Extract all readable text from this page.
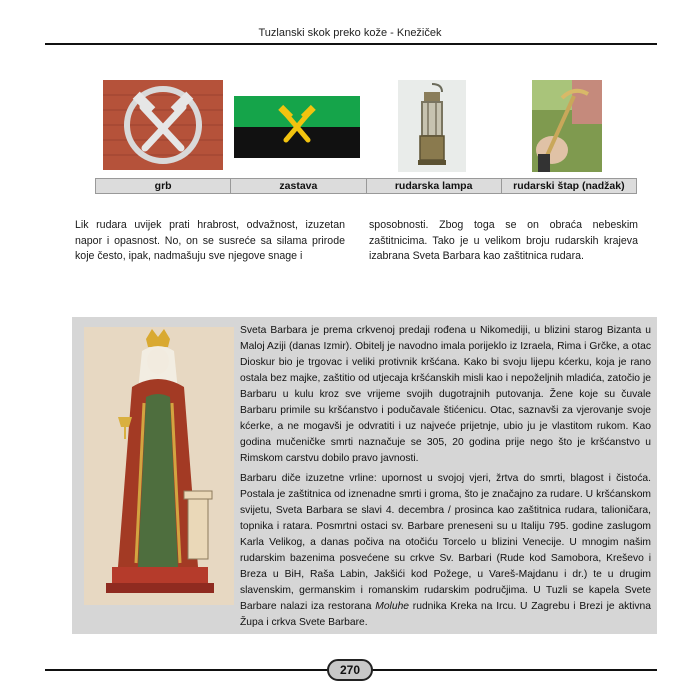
Tuzlanski skok preko kože - Knežiček
grb	zastava	rudarska lampa	rudarski štap (nadžak)
Lik rudara uvijek prati hrabrost, odvažnost, izuzetan napor i opasnost. No, on se susreće sa silama prirode koje često, ipak, nadmašuju sve njegove snage i
sposobnosti. Zbog toga se on obraća nebeskim zaštitnicima. Tako je u velikom broju rudarskih krajeva izabrana Sveta Barbara kao zaštitnica rudara.
Sveta Barbara je prema crkvenoj predaji rođena u Nikomediji, u blizini starog Bizanta u Maloj Aziji (danas Izmir). Obitelj je navodno imala porijeklo iz Izraela, Rima i Grčke, a otac Dioskur bio je trgovac i veliki protivnik kršćana. Kako bi svoju lijepu kćerku, koja je rano ostala bez majke, zaštitio od utjecaja kršćanskih misli kao i nepoželjnih mladića, zatočio je Barbaru u kulu kroz sve vrijeme svojih dugotrajnih putovanja. Žene koje su čuvale Barbaru primile su kršćanstvo i podučavale štićenicu. Otac, saznavši za vjerovanje svoje kćerke, a ne mogavši je odvratiti i uz najveće prijetnje, ubio ju je vlastitom rukom. Kao godina mučeničke smrti naznačuje se 305, 20 godina prije nego što je kršćanstvo u Rimskom carstvu dobilo pravo javnosti.
Barbaru diče izuzetne vrline: upornost u svojoj vjeri, žrtva do smrti, blagost i čistoća. Postala je zaštitnica od iznenadne smrti i groma, što je značajno za rudare. U kršćanskom svijetu, Sveta Barbara se slavi 4. decembra / prosinca kao zaštitnica rudara, talioničara, topnika i ratara. Posmrtni ostaci sv. Barbare preneseni su u Italiju 795. godine zaslugom Karla Velikog, a danas počiva na otočiću Torcelo u blizini Venecije. U mnogim našim rudarskim bazenima posvećene su crkve Sv. Barbari (Rude kod Samobora, Kreševo i Breza u BiH, Raša Labin, Jakšići kod Požege, u Vareš-Majdanu i dr.) te u drugim slavenskim, germanskim i romanskim rudarskim područjima. U Tuzli se kapela Svete Barbare nalazi iza restorana Moluhe rudnika Kreka na Ircu. U Zagrebu i Brezi je aktivna Župa i crkva Svete Barbare.
270
